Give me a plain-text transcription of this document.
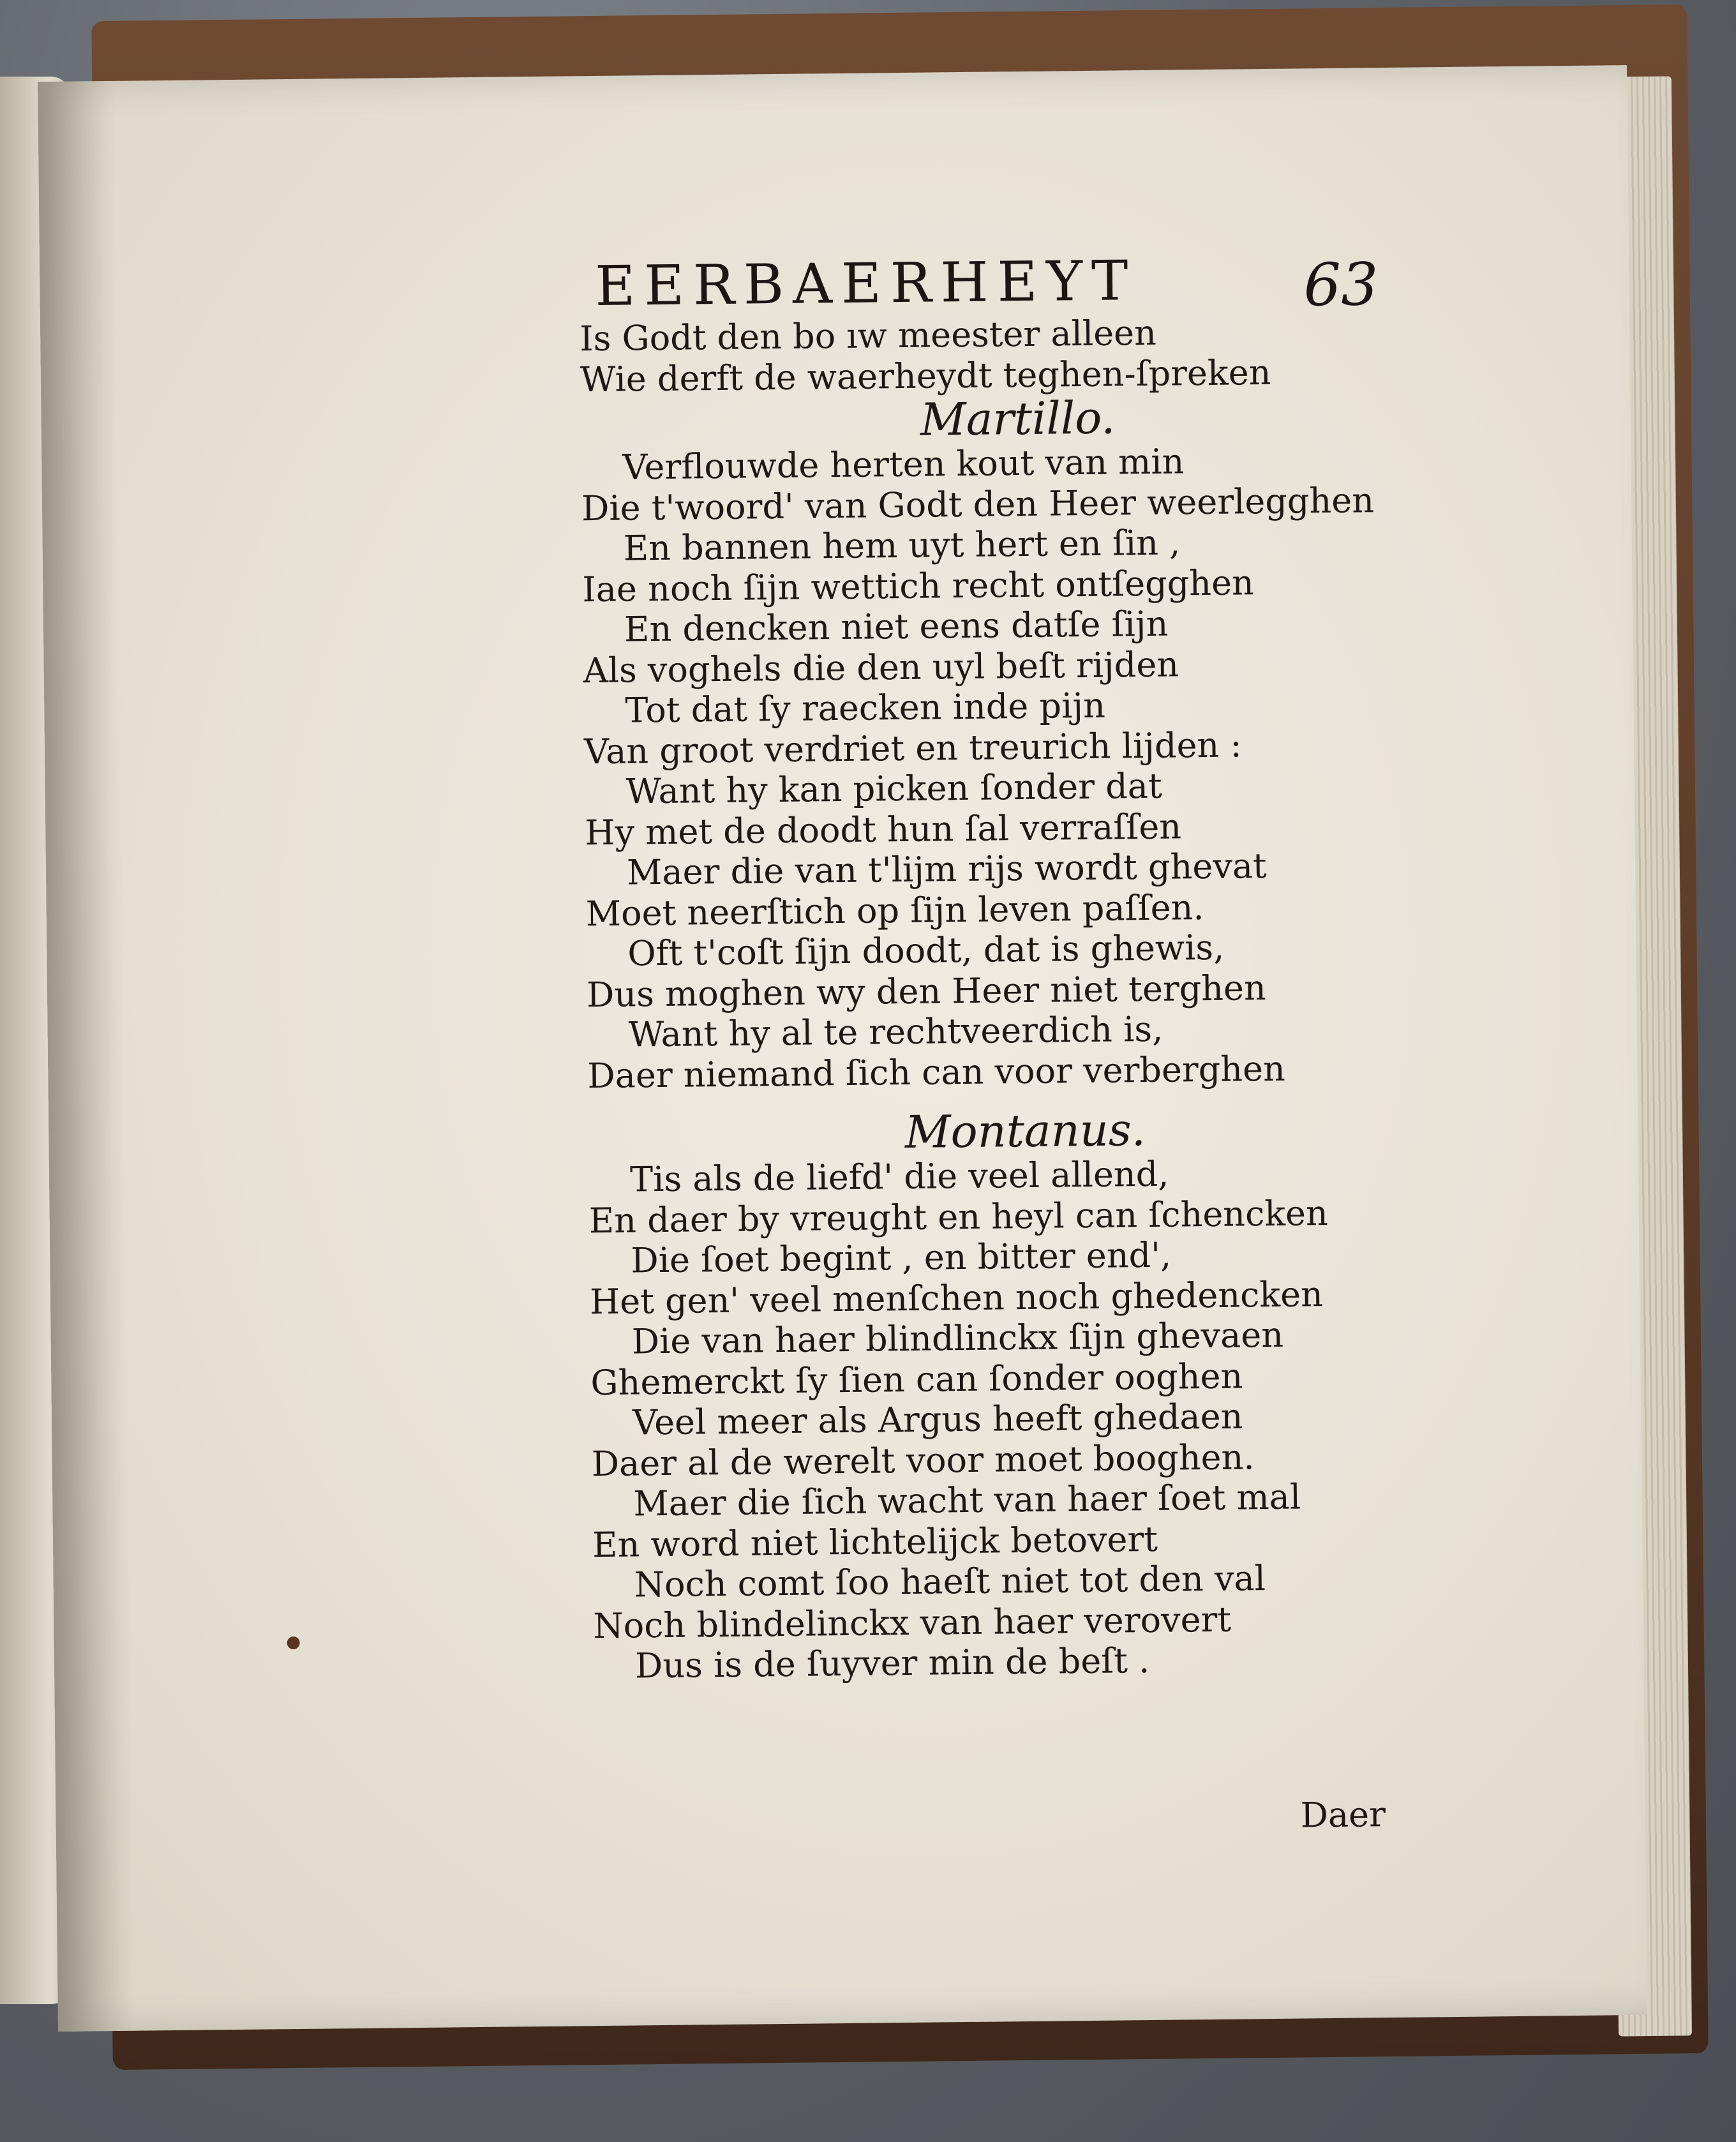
EERBAERHEYT	63
Is Godt den bo ıw meester alleen
Wie derft de waerheydt teghen-ſpreken
Martillo.
Verflouwde herten kout van min
Die t'woord' van Godt den Heer weerlegghen
En bannen hem uyt hert en ſin ,
Iae noch ſijn wettich recht ontſegghen
En dencken niet eens datſe ſijn
Als voghels die den uyl beſt rijden
Tot dat ſy raecken inde pijn
Van groot verdriet en treurich lijden :
Want hy kan picken ſonder dat
Hy met de doodt hun ſal verraſſen
Maer die van t'lijm rijs wordt ghevat
Moet neerſtich op ſijn leven paſſen.
Oft t'coſt ſijn doodt, dat is ghewis,
Dus moghen wy den Heer niet terghen
Want hy al te rechtveerdich is,
Daer niemand ſich can voor verberghen
Montanus.
Tis als de liefd' die veel allend,
En daer by vreught en heyl can ſchencken
Die ſoet begint , en bitter end',
Het gen' veel menſchen noch ghedencken
Die van haer blindlinckx ſijn ghevaen
Ghemerckt ſy ſien can ſonder ooghen
Veel meer als Argus heeft ghedaen
Daer al de werelt voor moet booghen.
Maer die ſich wacht van haer ſoet mal
En word niet lichtelijck betovert
Noch comt ſoo haeſt niet tot den val
Noch blindelinckx van haer verovert
Dus is de ſuyver min de beſt .
Daer
